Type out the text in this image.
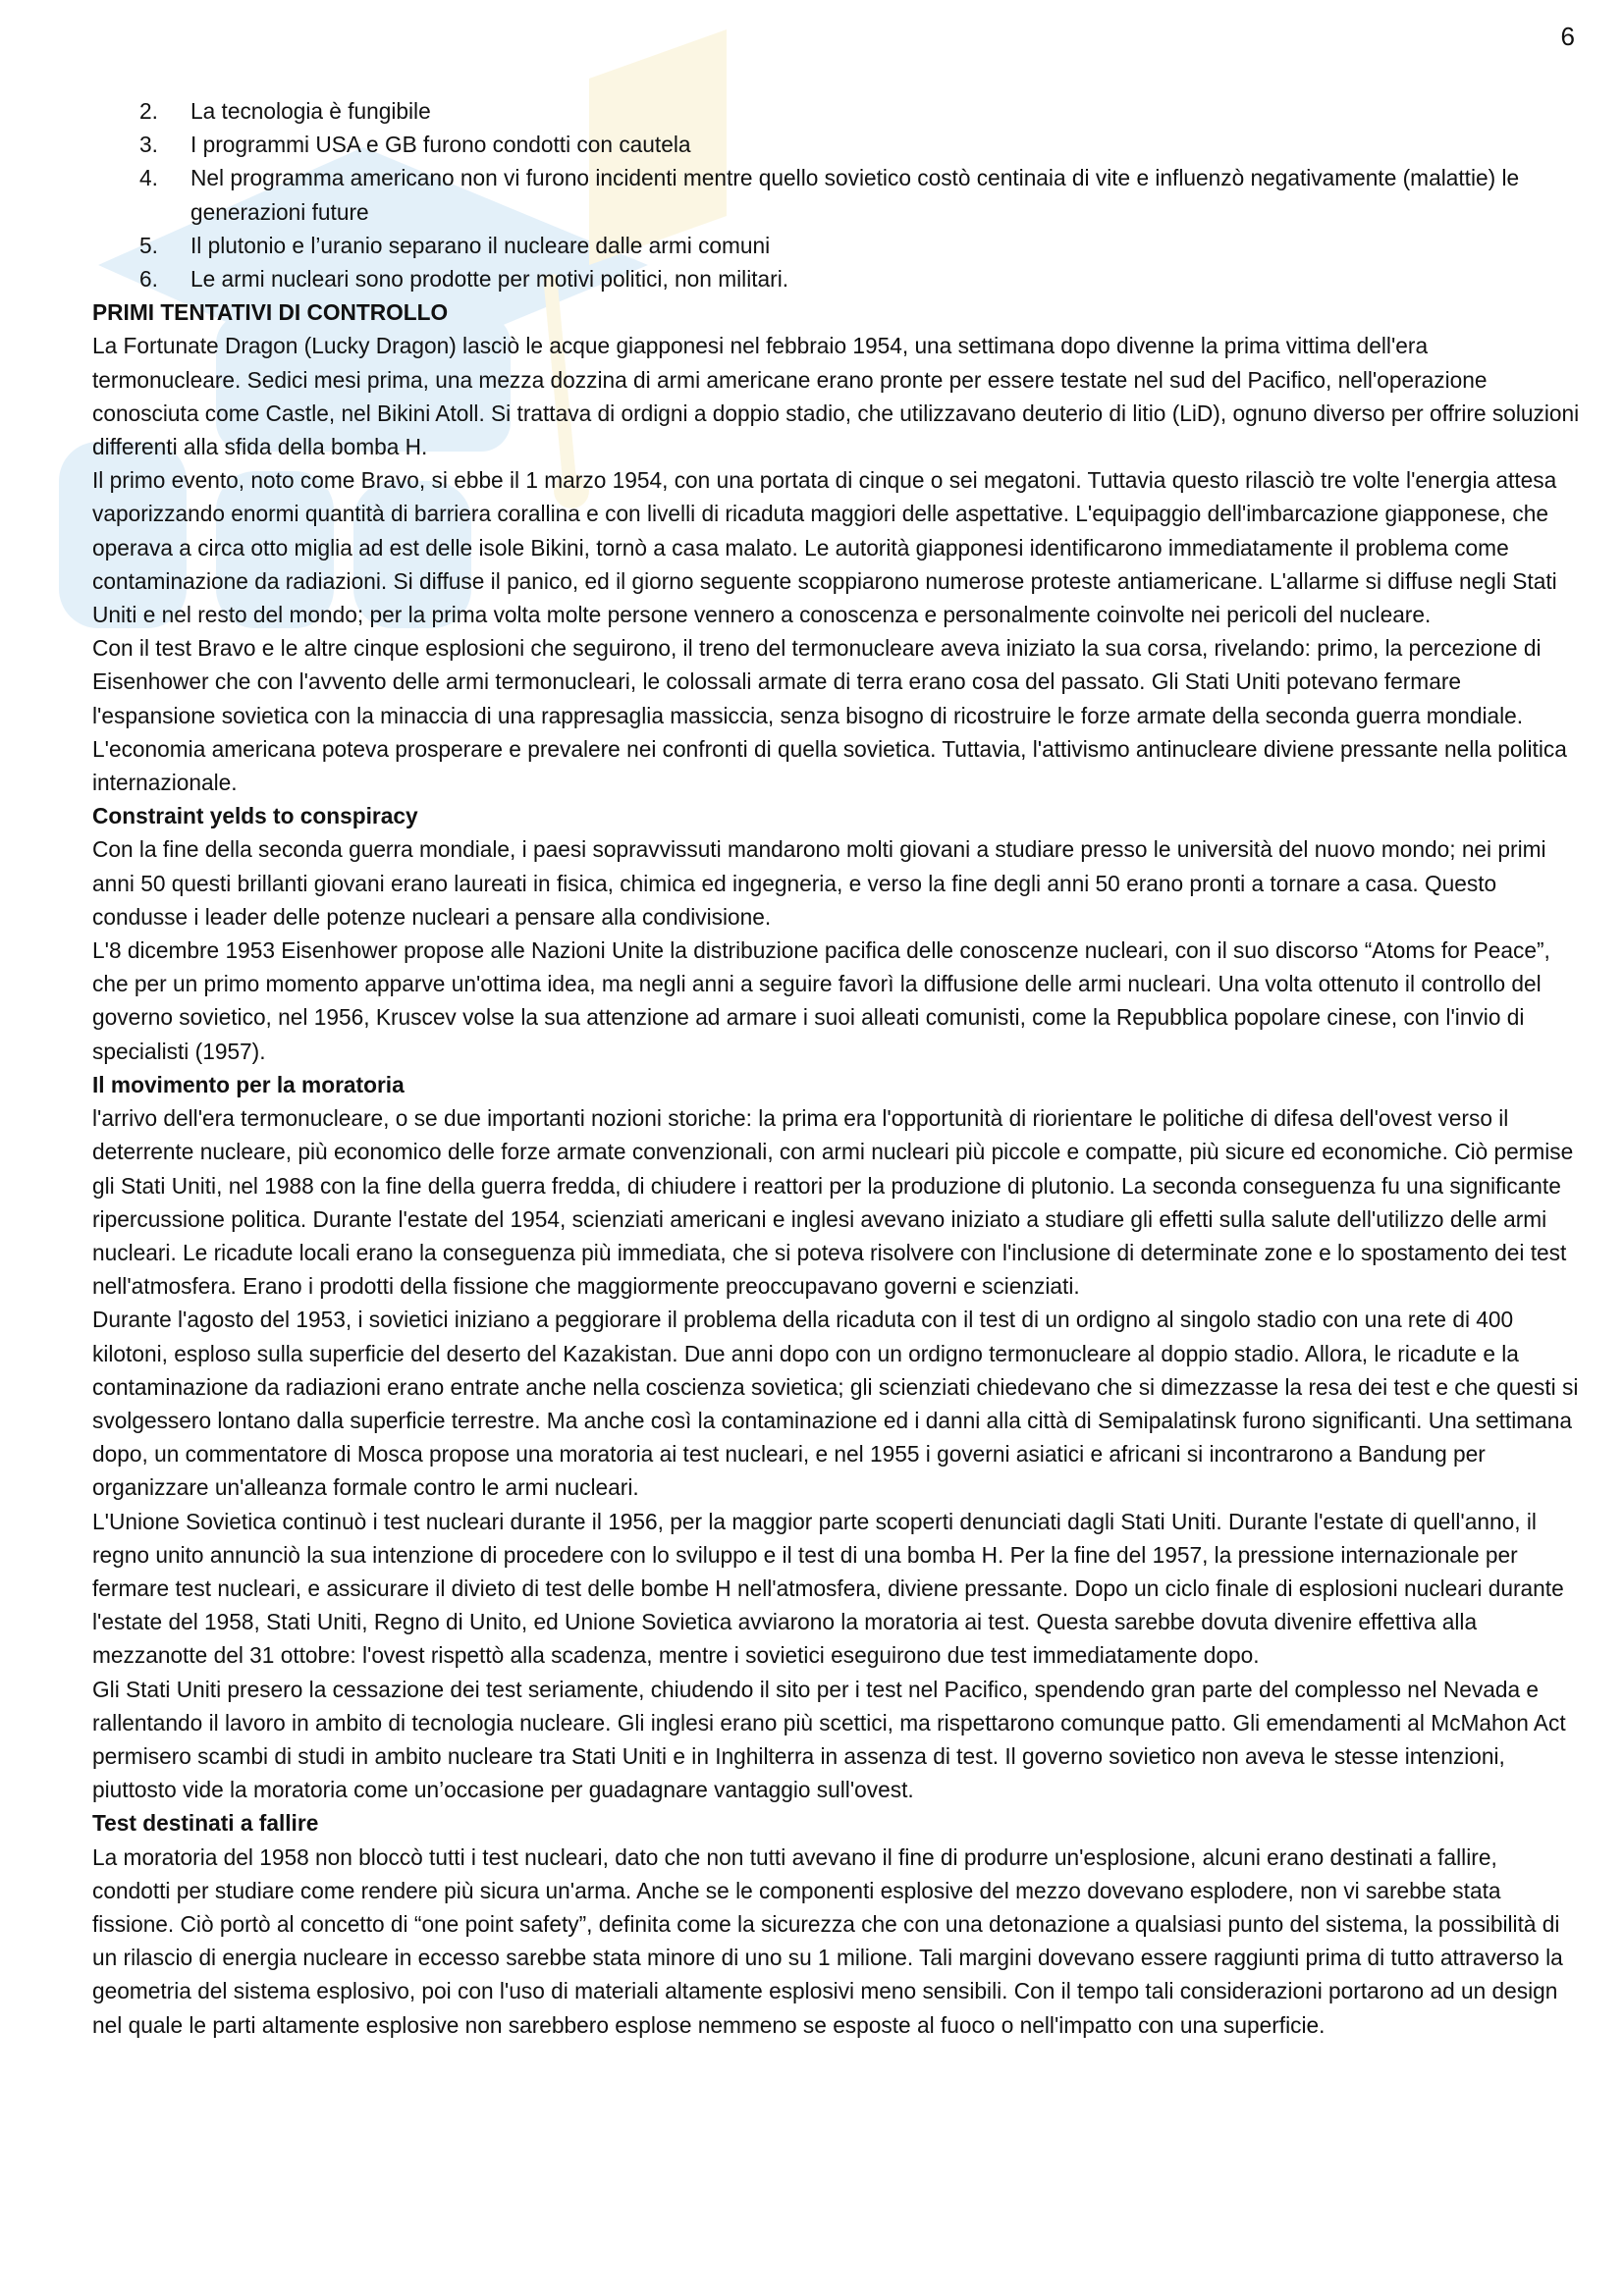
6
2. La tecnologia è fungibile
3. I programmi USA e GB furono condotti con cautela
4. Nel programma americano non vi furono incidenti mentre quello sovietico costò centinaia di vite e influenzò negativamente (malattie) le generazioni future
5. Il plutonio e l’uranio separano il nucleare dalle armi comuni
6. Le armi nucleari sono prodotte per motivi politici, non militari.
PRIMI TENTATIVI DI CONTROLLO

La Fortunate Dragon (Lucky Dragon) lasciò le acque giapponesi nel febbraio 1954, una settimana dopo divenne la prima vittima dell'era termonucleare. Sedici mesi prima, una mezza dozzina di armi americane erano pronte per essere testate nel sud del Pacifico, nell'operazione conosciuta come Castle, nel Bikini Atoll. Si trattava di ordigni a doppio stadio, che utilizzavano deuterio di litio (LiD), ognuno diverso per offrire soluzioni differenti alla sfida della bomba H.

Il primo evento, noto come Bravo, si ebbe il 1 marzo 1954, con una portata di cinque o sei megatoni. Tuttavia questo rilasciò tre volte l'energia attesa vaporizzando enormi quantità di barriera corallina e con livelli di ricaduta maggiori delle aspettative. L'equipaggio dell'imbarcazione giapponese, che operava a circa otto miglia ad est delle isole Bikini, tornò a casa malato. Le autorità giapponesi identificarono immediatamente il problema come contaminazione da radiazioni. Si diffuse il panico, ed il giorno seguente scoppiarono numerose proteste antiamericane. L'allarme si diffuse negli Stati Uniti e nel resto del mondo; per la prima volta molte persone vennero a conoscenza e personalmente coinvolte nei pericoli del nucleare.

Con il test Bravo e le altre cinque esplosioni che seguirono, il treno del termonucleare aveva iniziato la sua corsa, rivelando: primo, la percezione di Eisenhower che con l'avvento delle armi termonucleari, le colossali armate di terra erano cosa del passato. Gli Stati Uniti potevano fermare l'espansione sovietica con la minaccia di una rappresaglia massiccia, senza bisogno di ricostruire le forze armate della seconda guerra mondiale. L'economia americana poteva prosperare e prevalere nei confronti di quella sovietica. Tuttavia, l'attivismo antinucleare diviene pressante nella politica internazionale.

Constraint yelds to conspiracy

Con la fine della seconda guerra mondiale, i paesi sopravvissuti mandarono molti giovani a studiare presso le università del nuovo mondo; nei primi anni 50 questi brillanti giovani erano laureati in fisica, chimica ed ingegneria, e verso la fine degli anni 50 erano pronti a tornare a casa. Questo condusse i leader delle potenze nucleari a pensare alla condivisione.

L'8 dicembre 1953 Eisenhower propose alle Nazioni Unite la distribuzione pacifica delle conoscenze nucleari, con il suo discorso “Atoms for Peace”, che per un primo momento apparve un'ottima idea, ma negli anni a seguire favorì la diffusione delle armi nucleari. Una volta ottenuto il controllo del governo sovietico, nel 1956, Kruscev volse la sua attenzione ad armare i suoi alleati comunisti, come la Repubblica popolare cinese, con l'invio di specialisti (1957).

Il movimento per la moratoria

l'arrivo dell'era termonucleare, o se due importanti nozioni storiche: la prima era l'opportunità di riorientare le politiche di difesa dell'ovest verso il deterrente nucleare, più economico delle forze armate convenzionali, con armi nucleari più piccole e compatte, più sicure ed economiche. Ciò permise gli Stati Uniti, nel 1988 con la fine della guerra fredda, di chiudere i reattori per la produzione di plutonio. La seconda conseguenza fu una significante ripercussione politica. Durante l'estate del 1954, scienziati americani e inglesi avevano iniziato a studiare gli effetti sulla salute dell'utilizzo delle armi nucleari. Le ricadute locali erano la conseguenza più immediata, che si poteva risolvere con l'inclusione di determinate zone e lo spostamento dei test nell'atmosfera. Erano i prodotti della fissione che maggiormente preoccupavano governi e scienziati.

Durante l'agosto del 1953, i sovietici iniziano a peggiorare il problema della ricaduta con il test di un ordigno al singolo stadio con una rete di 400 kilotoni, esploso sulla superficie del deserto del Kazakistan. Due anni dopo con un ordigno termonucleare al doppio stadio. Allora, le ricadute e la contaminazione da radiazioni erano entrate anche nella coscienza sovietica; gli scienziati chiedevano che si dimezzasse la resa dei test e che questi si svolgessero lontano dalla superficie terrestre. Ma anche così la contaminazione ed i danni alla città di Semipalatinsk furono significanti. Una settimana dopo, un commentatore di Mosca propose una moratoria ai test nucleari, e nel 1955 i governi asiatici e africani si incontrarono a Bandung per organizzare un'alleanza formale contro le armi nucleari.

L'Unione Sovietica continuò i test nucleari durante il 1956, per la maggior parte scoperti denunciati dagli Stati Uniti. Durante l'estate di quell'anno, il regno unito annunciò la sua intenzione di procedere con lo sviluppo e il test di una bomba H. Per la fine del 1957, la pressione internazionale per fermare test nucleari, e assicurare il divieto di test delle bombe H nell'atmosfera, diviene pressante. Dopo un ciclo finale di esplosioni nucleari durante l'estate del 1958, Stati Uniti, Regno di Unito, ed Unione Sovietica avviarono la moratoria ai test. Questa sarebbe dovuta divenire effettiva alla mezzanotte del 31 ottobre: l'ovest rispettò alla scadenza, mentre i sovietici eseguirono due test immediatamente dopo.

Gli Stati Uniti presero la cessazione dei test seriamente, chiudendo il sito per i test nel Pacifico, spendendo gran parte del complesso nel Nevada e rallentando il lavoro in ambito di tecnologia nucleare. Gli inglesi erano più scettici, ma rispettarono comunque patto. Gli emendamenti al McMahon Act permisero scambi di studi in ambito nucleare tra Stati Uniti e in Inghilterra in assenza di test. Il governo sovietico non aveva le stesse intenzioni, piuttosto vide la moratoria come un’occasione per guadagnare vantaggio sull'ovest.

Test destinati a fallire

La moratoria del 1958 non bloccò tutti i test nucleari, dato che non tutti avevano il fine di produrre un'esplosione, alcuni erano destinati a fallire, condotti per studiare come rendere più sicura un'arma. Anche se le componenti esplosive del mezzo dovevano esplodere, non vi sarebbe stata fissione. Ciò portò al concetto di “one point safety”, definita come la sicurezza che con una detonazione a qualsiasi punto del sistema, la possibilità di un rilascio di energia nucleare in eccesso sarebbe stata minore di uno su 1 milione. Tali margini dovevano essere raggiunti prima di tutto attraverso la geometria del sistema esplosivo, poi con l'uso di materiali altamente esplosivi meno sensibili. Con il tempo tali considerazioni portarono ad un design nel quale le parti altamente esplosive non sarebbero esplose nemmeno se esposte al fuoco o nell'impatto con una superficie.
